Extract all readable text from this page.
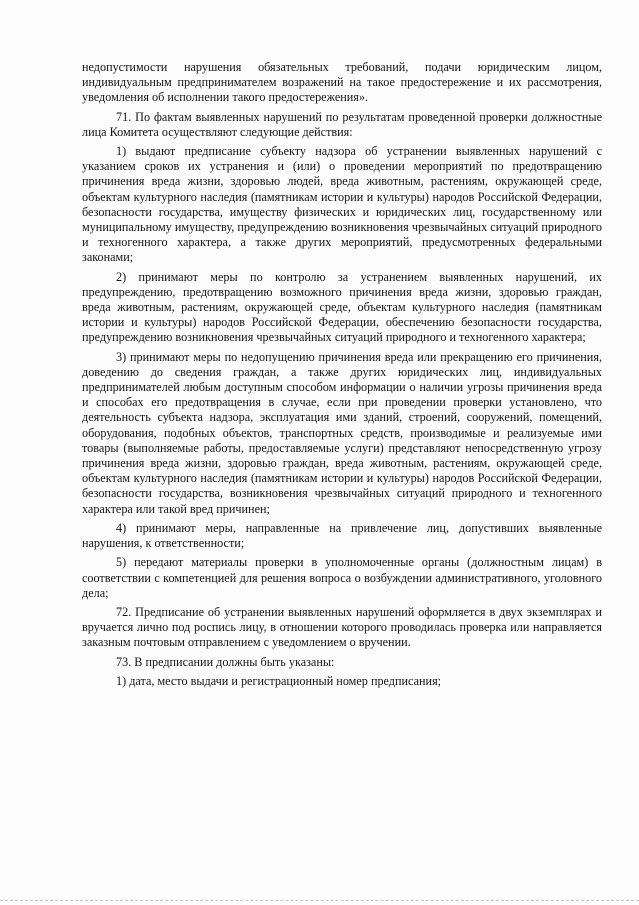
недопустимости нарушения обязательных требований, подачи юридическим лицом, индивидуальным предпринимателем возражений на такое предостережение и их рассмотрения, уведомления об исполнении такого предостережения».

71. По фактам выявленных нарушений по результатам проведенной проверки должностные лица Комитета осуществляют следующие действия:

1) выдают предписание субъекту надзора об устранении выявленных нарушений с указанием сроков их устранения и (или) о проведении мероприятий по предотвращению причинения вреда жизни, здоровью людей, вреда животным, растениям, окружающей среде, объектам культурного наследия (памятникам истории и культуры) народов Российской Федерации, безопасности государства, имуществу физических и юридических лиц, государственному или муниципальному имуществу, предупреждению возникновения чрезвычайных ситуаций природного и техногенного характера, а также других мероприятий, предусмотренных федеральными законами;

2) принимают меры по контролю за устранением выявленных нарушений, их предупреждению, предотвращению возможного причинения вреда жизни, здоровью граждан, вреда животным, растениям, окружающей среде, объектам культурного наследия (памятникам истории и культуры) народов Российской Федерации, обеспечению безопасности государства, предупреждению возникновения чрезвычайных ситуаций природного и техногенного характера;

3) принимают меры по недопущению причинения вреда или прекращению его причинения, доведению до сведения граждан, а также других юридических лиц, индивидуальных предпринимателей любым доступным способом информации о наличии угрозы причинения вреда и способах его предотвращения в случае, если при проведении проверки установлено, что деятельность субъекта надзора, эксплуатация ими зданий, строений, сооружений, помещений, оборудования, подобных объектов, транспортных средств, производимые и реализуемые ими товары (выполняемые работы, предоставляемые услуги) представляют непосредственную угрозу причинения вреда жизни, здоровью граждан, вреда животным, растениям, окружающей среде, объектам культурного наследия (памятникам истории и культуры) народов Российской Федерации, безопасности государства, возникновения чрезвычайных ситуаций природного и техногенного характера или такой вред причинен;

4) принимают меры, направленные на привлечение лиц, допустивших выявленные нарушения, к ответственности;

5) передают материалы проверки в уполномоченные органы (должностным лицам) в соответствии с компетенцией для решения вопроса о возбуждении административного, уголовного дела;

72. Предписание об устранении выявленных нарушений оформляется в двух экземплярах и вручается лично под роспись лицу, в отношении которого проводилась проверка или направляется заказным почтовым отправлением с уведомлением о вручении.

73. В предписании должны быть указаны:

1) дата, место выдачи и регистрационный номер предписания;
